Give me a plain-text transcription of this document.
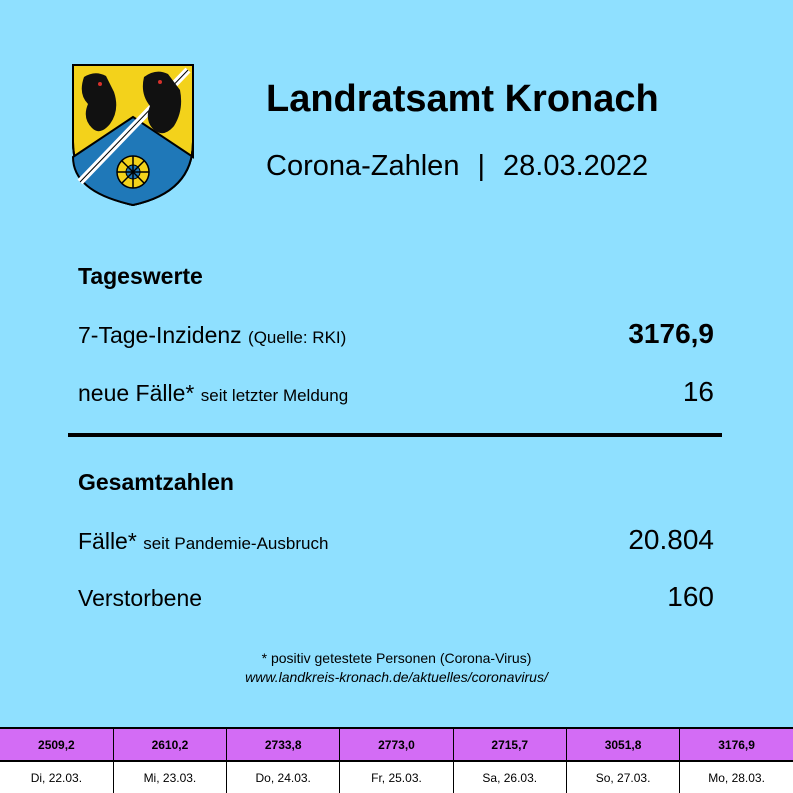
Landratsamt Kronach
Corona-Zahlen | 28.03.2022
Tageswerte
7-Tage-Inzidenz (Quelle: RKI)	3176,9
neue Fälle* seit letzter Meldung	16
Gesamtzahlen
Fälle* seit Pandemie-Ausbruch	20.804
Verstorbene	160
* positiv getestete Personen (Corona-Virus)
www.landkreis-kronach.de/aktuelles/coronavirus/
2509,2	2610,2	2733,8	2773,0	2715,7	3051,8	3176,9
Di, 22.03.	Mi, 23.03.	Do, 24.03.	Fr, 25.03.	Sa, 26.03.	So, 27.03.	Mo, 28.03.
